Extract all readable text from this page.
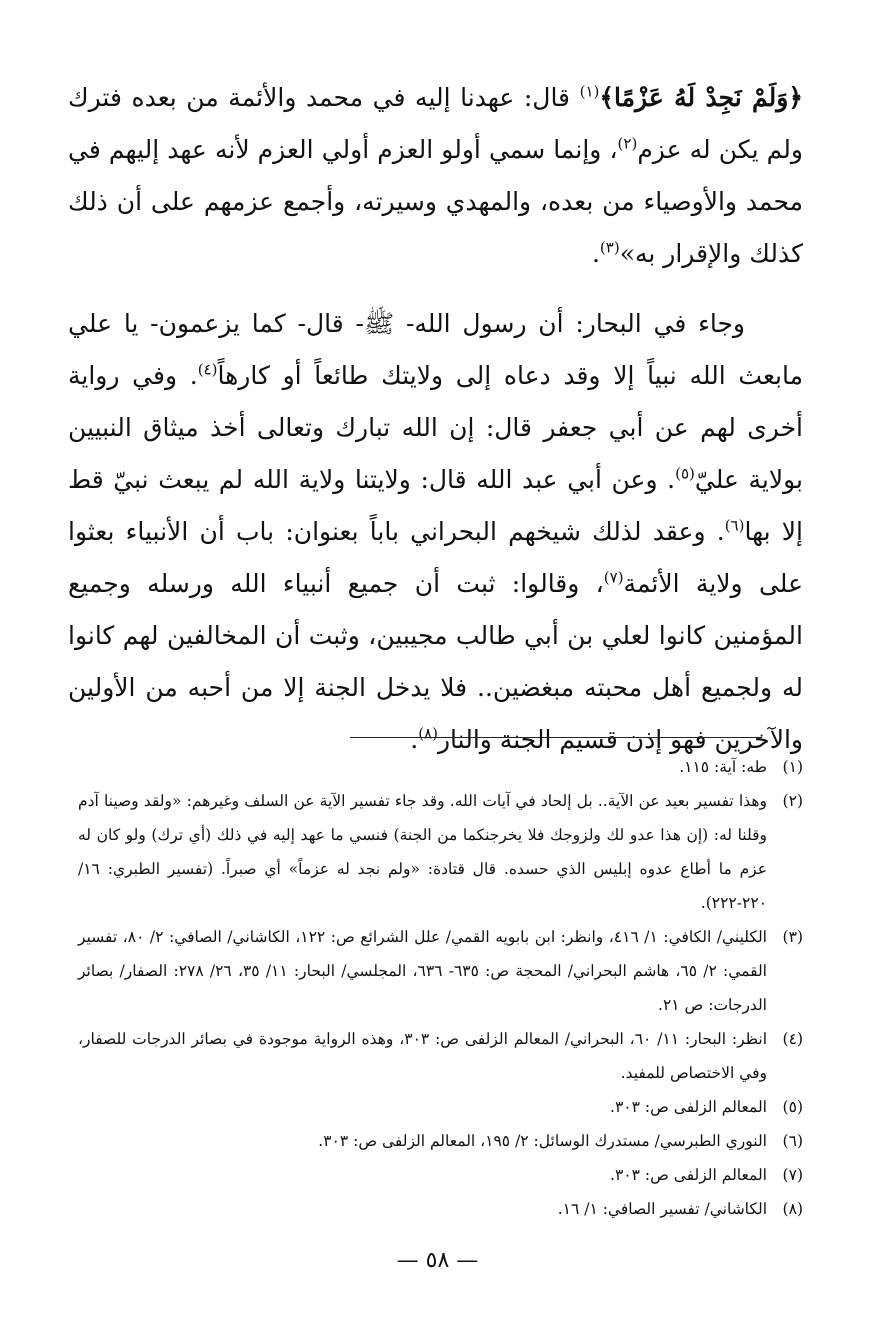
﴿وَلَمْ نَجِدْ لَهُ عَزْمًا﴾$^{(١)}$ قال: عهدنا إليه في محمد والأئمة من بعده فترك ولم يكن له عزم$^{(٢)}$، وإنما سمي أولو العزم أولي العزم لأنه عهد إليهم في محمد والأوصياء من بعده، والمهدي وسيرته، وأجمع عزمهم على أن ذلك كذلك والإقرار به»$^{(٣)}$.

وجاء في البحار: أن رسول الله- ﷺ- قال- كما يزعمون- يا علي مابعث الله نبياً إلا وقد دعاه إلى ولايتك طائعاً أو كارهاً$^{(٤)}$. وفي رواية أخرى لهم عن أبي جعفر قال: إن الله تبارك وتعالى أخذ ميثاق النبيين بولاية عليّ$^{(٥)}$. وعن أبي عبد الله قال: ولايتنا ولاية الله لم يبعث نبيّ قط إلا بها$^{(٦)}$. وعقد لذلك شيخهم البحراني باباً بعنوان: باب أن الأنبياء بعثوا على ولاية الأئمة$^{(٧)}$، وقالوا: ثبت أن جميع أنبياء الله ورسله وجميع المؤمنين كانوا لعلي بن أبي طالب مجيبين، وثبت أن المخالفين لهم كانوا له ولجميع أهل محبته مبغضين.. فلا يدخل الجنة إلا من أحبه من الأولين والآخرين فهو إذن قسيم الجنة والنار$^{(٨)}$.

(١)
طه: آية: ١١٥.
(٢)
وهذا تفسير بعيد عن الآية.. بل إلحاد في آيات الله. وقد جاء تفسير الآية عن السلف وغيرهم: «ولقد وصينا آدم وقلنا له: (إن هذا عدو لك ولزوجك فلا يخرجنكما من الجنة) فنسي ما عهد إليه في ذلك (أي ترك) ولو كان له عزم ما أطاع عدوه إبليس الذي حسده. قال قتادة: «ولم نجد له عزماً» أي صبراً. (تفسير الطبري: ١٦/ ٢٢٠-٢٢٢).
(٣)
الكليني/ الكافي: ١/ ٤١٦، وانظر: ابن بابويه القمي/ علل الشرائع ص: ١٢٢، الكاشاني/ الصافي: ٢/ ٨٠، تفسير القمي: ٢/ ٦٥، هاشم البحراني/ المحجة ص: ٦٣٥- ٦٣٦، المجلسي/ البحار: ١١/ ٣٥، ٢٦/ ٢٧٨: الصفار/ بصائر الدرجات: ص ٢١.
(٤)
انظر: البحار: ١١/ ٦٠، البحراني/ المعالم الزلفى ص: ٣٠٣، وهذه الرواية موجودة في بصائر الدرجات للصفار، وفي الاختصاص للمفيد.
(٥)
المعالم الزلفى ص: ٣٠٣.
(٦)
النوري الطبرسي/ مستدرك الوسائل: ٢/ ١٩٥، المعالم الزلفى ص: ٣٠٣.
(٧)
المعالم الزلفى ص: ٣٠٣.
(٨)
الكاشاني/ تفسير الصافي: ١/ ١٦.
— ٥٨ —
